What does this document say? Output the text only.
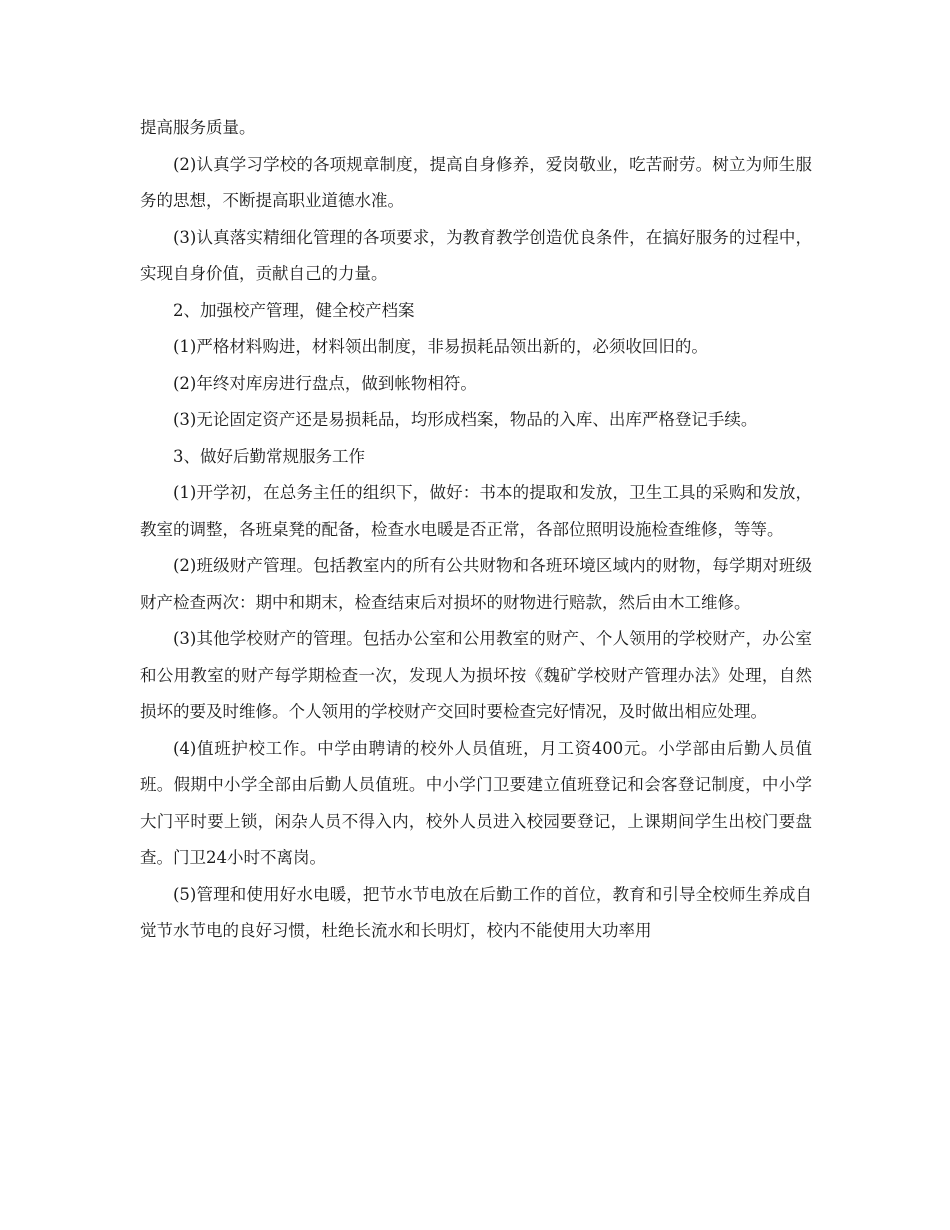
提高服务质量。

(2)认真学习学校的各项规章制度，提高自身修养，爱岗敬业，吃苦耐劳。树立为师生服务的思想，不断提高职业道德水准。

(3)认真落实精细化管理的各项要求，为教育教学创造优良条件，在搞好服务的过程中，实现自身价值，贡献自己的力量。

2、加强校产管理，健全校产档案

(1)严格材料购进，材料领出制度，非易损耗品领出新的，必须收回旧的。

(2)年终对库房进行盘点，做到帐物相符。

(3)无论固定资产还是易损耗品，均形成档案，物品的入库、出库严格登记手续。

3、做好后勤常规服务工作

(1)开学初，在总务主任的组织下，做好：书本的提取和发放，卫生工具的采购和发放，教室的调整，各班桌凳的配备，检查水电暖是否正常，各部位照明设施检查维修，等等。

(2)班级财产管理。包括教室内的所有公共财物和各班环境区域内的财物，每学期对班级财产检查两次：期中和期末，检查结束后对损坏的财物进行赔款，然后由木工维修。

(3)其他学校财产的管理。包括办公室和公用教室的财产、个人领用的学校财产，办公室和公用教室的财产每学期检查一次，发现人为损坏按《魏矿学校财产管理办法》处理，自然损坏的要及时维修。个人领用的学校财产交回时要检查完好情况，及时做出相应处理。

(4)值班护校工作。中学由聘请的校外人员值班，月工资400元。小学部由后勤人员值班。假期中小学全部由后勤人员值班。中小学门卫要建立值班登记和会客登记制度，中小学大门平时要上锁，闲杂人员不得入内，校外人员进入校园要登记，上课期间学生出校门要盘查。门卫24小时不离岗。

(5)管理和使用好水电暖，把节水节电放在后勤工作的首位，教育和引导全校师生养成自觉节水节电的良好习惯，杜绝长流水和长明灯，校内不能使用大功率用
